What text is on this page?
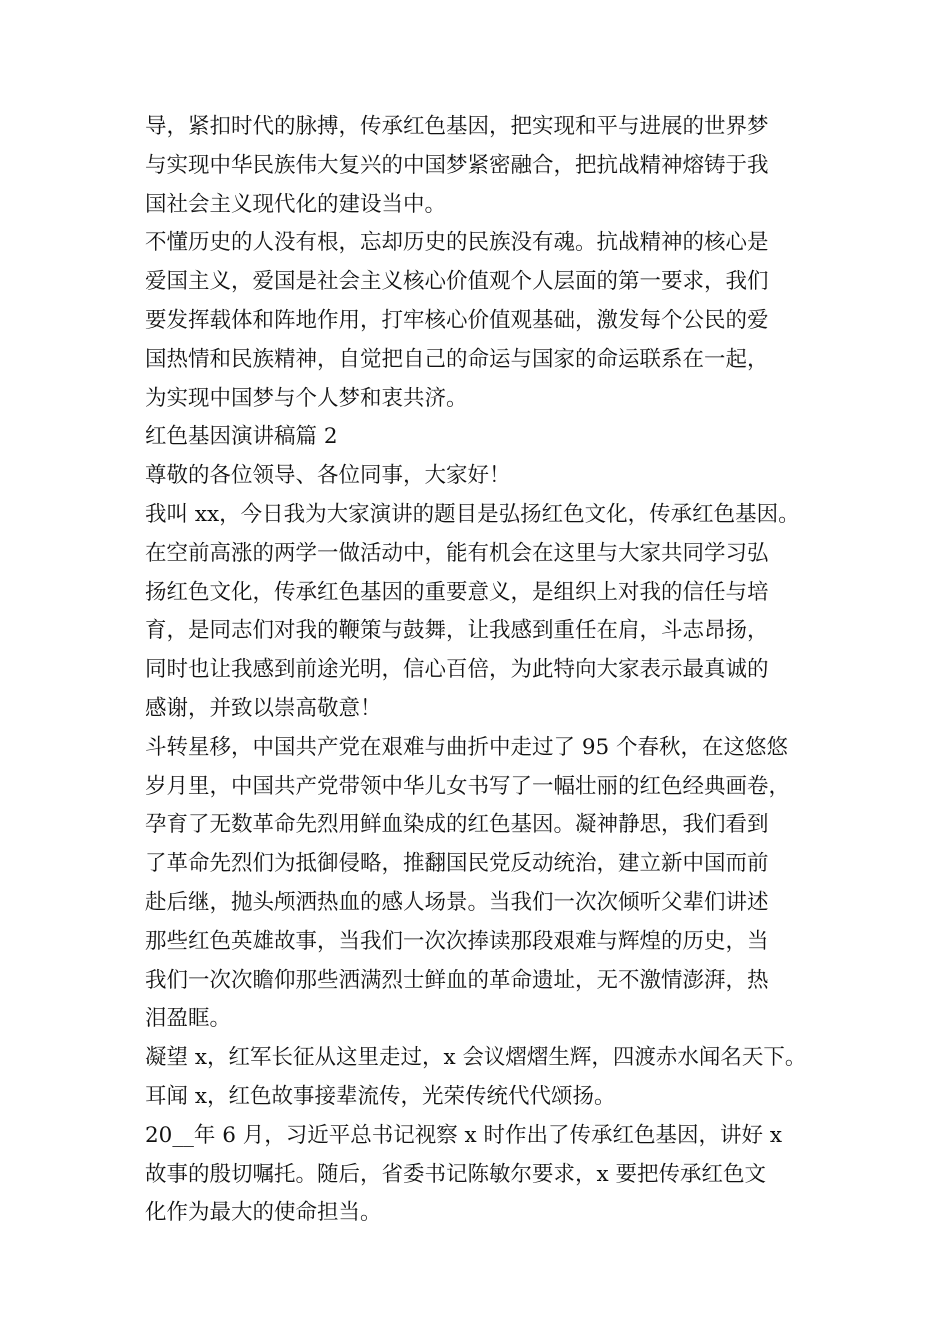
导，紧扣时代的脉搏，传承红色基因，把实现和平与进展的世界梦
与实现中华民族伟大复兴的中国梦紧密融合，把抗战精神熔铸于我
国社会主义现代化的建设当中。
不懂历史的人没有根，忘却历史的民族没有魂。抗战精神的核心是
爱国主义，爱国是社会主义核心价值观个人层面的第一要求，我们
要发挥载体和阵地作用，打牢核心价值观基础，激发每个公民的爱
国热情和民族精神，自觉把自己的命运与国家的命运联系在一起，
为实现中国梦与个人梦和衷共济。
红色基因演讲稿篇 2
尊敬的各位领导、各位同事，大家好！
我叫 xx，今日我为大家演讲的题目是弘扬红色文化，传承红色基因。
在空前高涨的两学一做活动中，能有机会在这里与大家共同学习弘
扬红色文化，传承红色基因的重要意义，是组织上对我的信任与培
育，是同志们对我的鞭策与鼓舞，让我感到重任在肩，斗志昂扬，
同时也让我感到前途光明，信心百倍，为此特向大家表示最真诚的
感谢，并致以崇高敬意！
斗转星移，中国共产党在艰难与曲折中走过了 95 个春秋，在这悠悠
岁月里，中国共产党带领中华儿女书写了一幅壮丽的红色经典画卷，
孕育了无数革命先烈用鲜血染成的红色基因。凝神静思，我们看到
了革命先烈们为抵御侵略，推翻国民党反动统治，建立新中国而前
赴后继，抛头颅洒热血的感人场景。当我们一次次倾听父辈们讲述
那些红色英雄故事，当我们一次次捧读那段艰难与辉煌的历史，当
我们一次次瞻仰那些洒满烈士鲜血的革命遗址，无不激情澎湃，热
泪盈眶。
凝望 x，红军长征从这里走过，x 会议熠熠生辉，四渡赤水闻名天下。
耳闻 x，红色故事接辈流传，光荣传统代代颂扬。
20__年 6 月，习近平总书记视察 x 时作出了传承红色基因，讲好 x
故事的殷切嘱托。随后，省委书记陈敏尔要求，x 要把传承红色文
化作为最大的使命担当。
